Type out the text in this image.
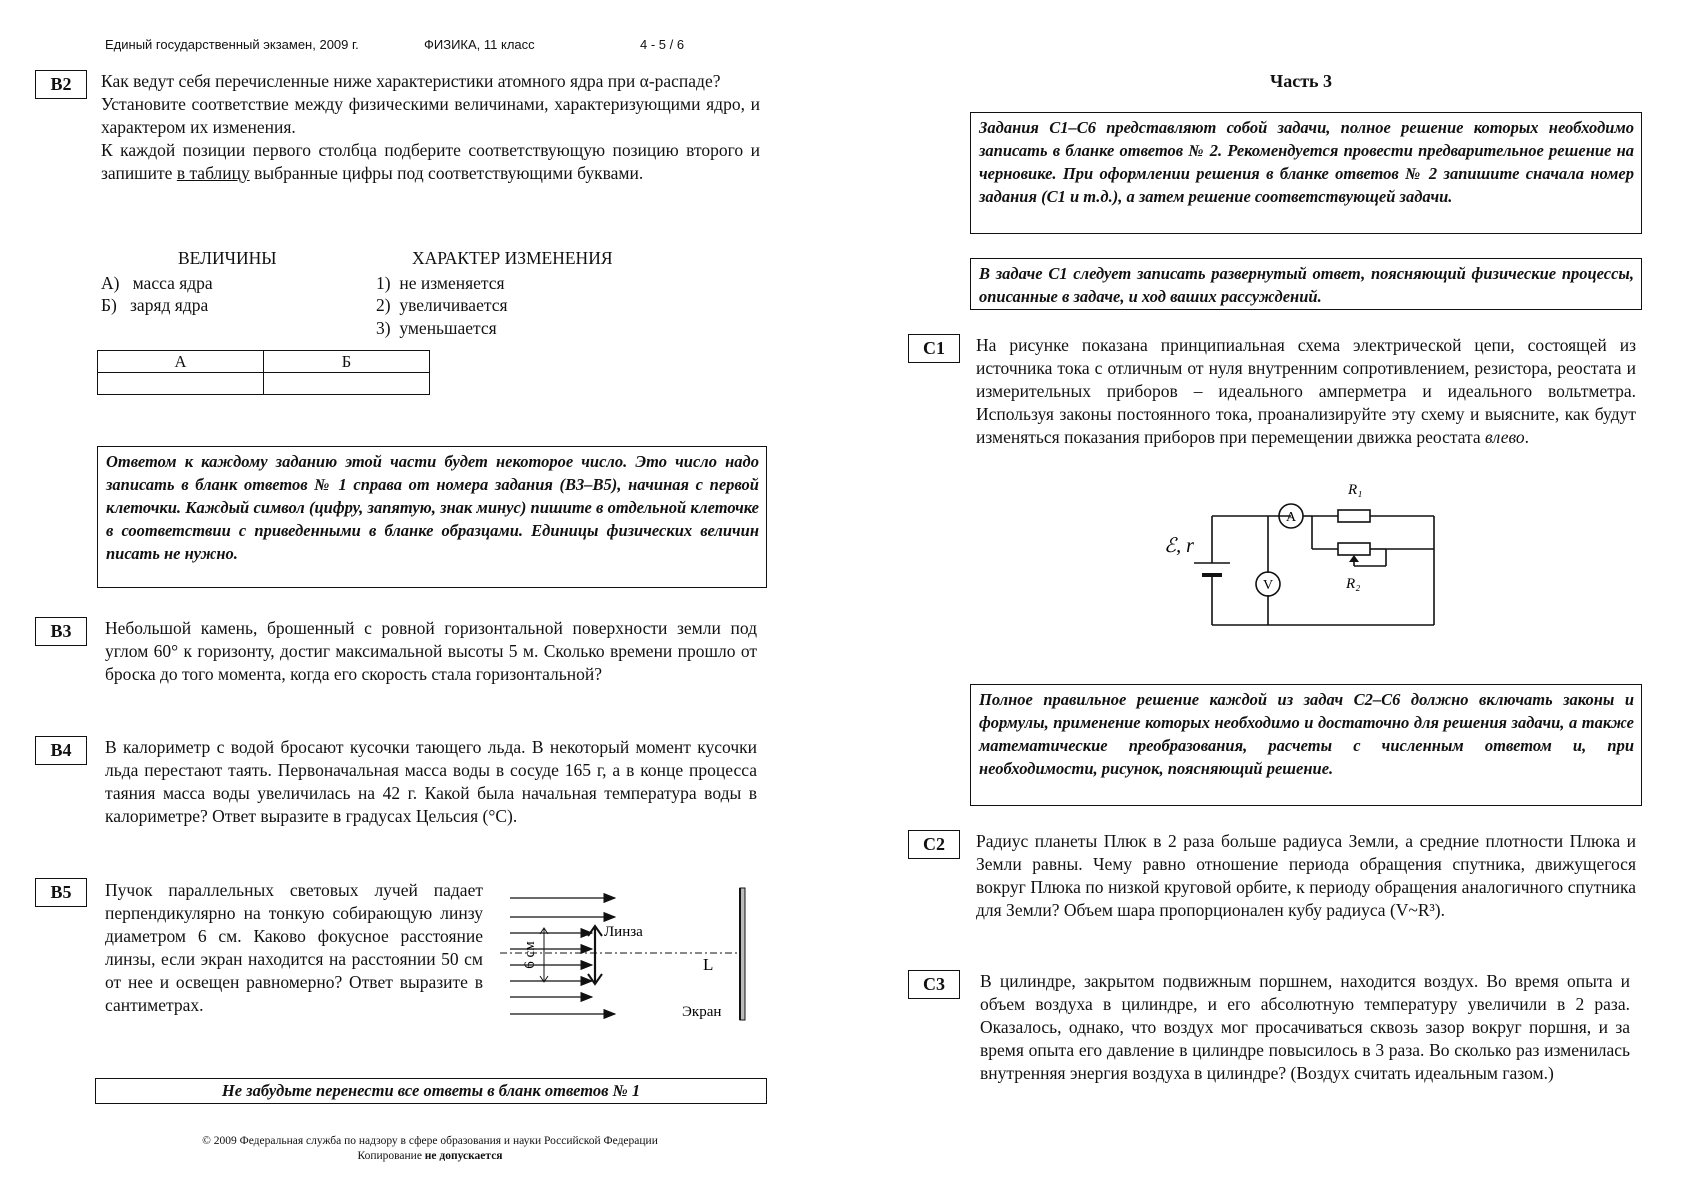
Единый государственный экзамен, 2009 г.	ФИЗИКА, 11 класс	4 - 5 / 6
B2	Как ведут себя перечисленные ниже характеристики атомного ядра при α-распаде?

Установите соответствие между физическими величинами, характеризующими ядро, и характером их изменения.

К каждой позиции первого столбца подберите соответствующую позицию второго и запишите в таблицу выбранные цифры под соответствующими буквами.

ВЕЛИЧИНЫ	ХАРАКТЕР ИЗМЕНЕНИЯ
А) масса ядра
Б) заряд ядра
1) не изменяется
2) увеличивается
3) уменьшается
А	Б

Ответом к каждому заданию этой части будет некоторое число. Это число надо записать в бланк ответов № 1 справа от номера задания (В3–В5), начиная с первой клеточки. Каждый символ (цифру, запятую, знак минус) пишите в отдельной клеточке в соответствии с приведенными в бланке образцами. Единицы физических величин писать не нужно.
B3	Небольшой камень, брошенный с ровной горизонтальной поверхности земли под углом 60° к горизонту, достиг максимальной высоты 5 м. Сколько времени прошло от броска до того момента, когда его скорость стала горизонтальной?
B4	В калориметр с водой бросают кусочки тающего льда. В некоторый момент кусочки льда перестают таять. Первоначальная масса воды в сосуде 165 г, а в конце процесса таяния масса воды увеличилась на 42 г. Какой была начальная температура воды в калориметре? Ответ выразите в градусах Цельсия (°С).
B5	Пучок параллельных световых лучей падает перпендикулярно на тонкую собирающую линзу диаметром 6 см. Каково фокусное расстояние линзы, если экран находится на расстоянии 50 см от нее и освещен равномерно? Ответ выразите в сантиметрах.
6 см
Линза
L
Экран
Не забудьте перенести все ответы в бланк ответов № 1
© 2009 Федеральная служба по надзору в сфере образования и науки Российской Федерации
Копирование не допускается
Часть 3
Задания С1–С6 представляют собой задачи, полное решение которых необходимо записать в бланке ответов № 2. Рекомендуется провести предварительное решение на черновике. При оформлении решения в бланке ответов № 2 запишите сначала номер задания (С1 и т.д.), а затем решение соответствующей задачи.
В задаче С1 следует записать развернутый ответ, поясняющий физические процессы, описанные в задаче, и ход ваших рассуждений.
C1	На рисунке показана принципиальная схема электрической цепи, состоящей из источника тока с отличным от нуля внутренним сопротивлением, резистора, реостата и измерительных приборов – идеального амперметра и идеального вольтметра. Используя законы постоянного тока, проанализируйте эту схему и выясните, как будут изменяться показания приборов при перемещении движка реостата влево.
ℰ, r
A
V
R₁
R₂
Полное правильное решение каждой из задач С2–С6 должно включать законы и формулы, применение которых необходимо и достаточно для решения задачи, а также математические преобразования, расчеты с численным ответом и, при необходимости, рисунок, поясняющий решение.
C2	Радиус планеты Плюк в 2 раза больше радиуса Земли, а средние плотности Плюка и Земли равны. Чему равно отношение периода обращения спутника, движущегося вокруг Плюка по низкой круговой орбите, к периоду обращения аналогичного спутника для Земли? Объем шара пропорционален кубу радиуса (V~R³).
C3	В цилиндре, закрытом подвижным поршнем, находится воздух. Во время опыта и объем воздуха в цилиндре, и его абсолютную температуру увеличили в 2 раза. Оказалось, однако, что воздух мог просачиваться сквозь зазор вокруг поршня, и за время опыта его давление в цилиндре повысилось в 3 раза. Во сколько раз изменилась внутренняя энергия воздуха в цилиндре? (Воздух считать идеальным газом.)
